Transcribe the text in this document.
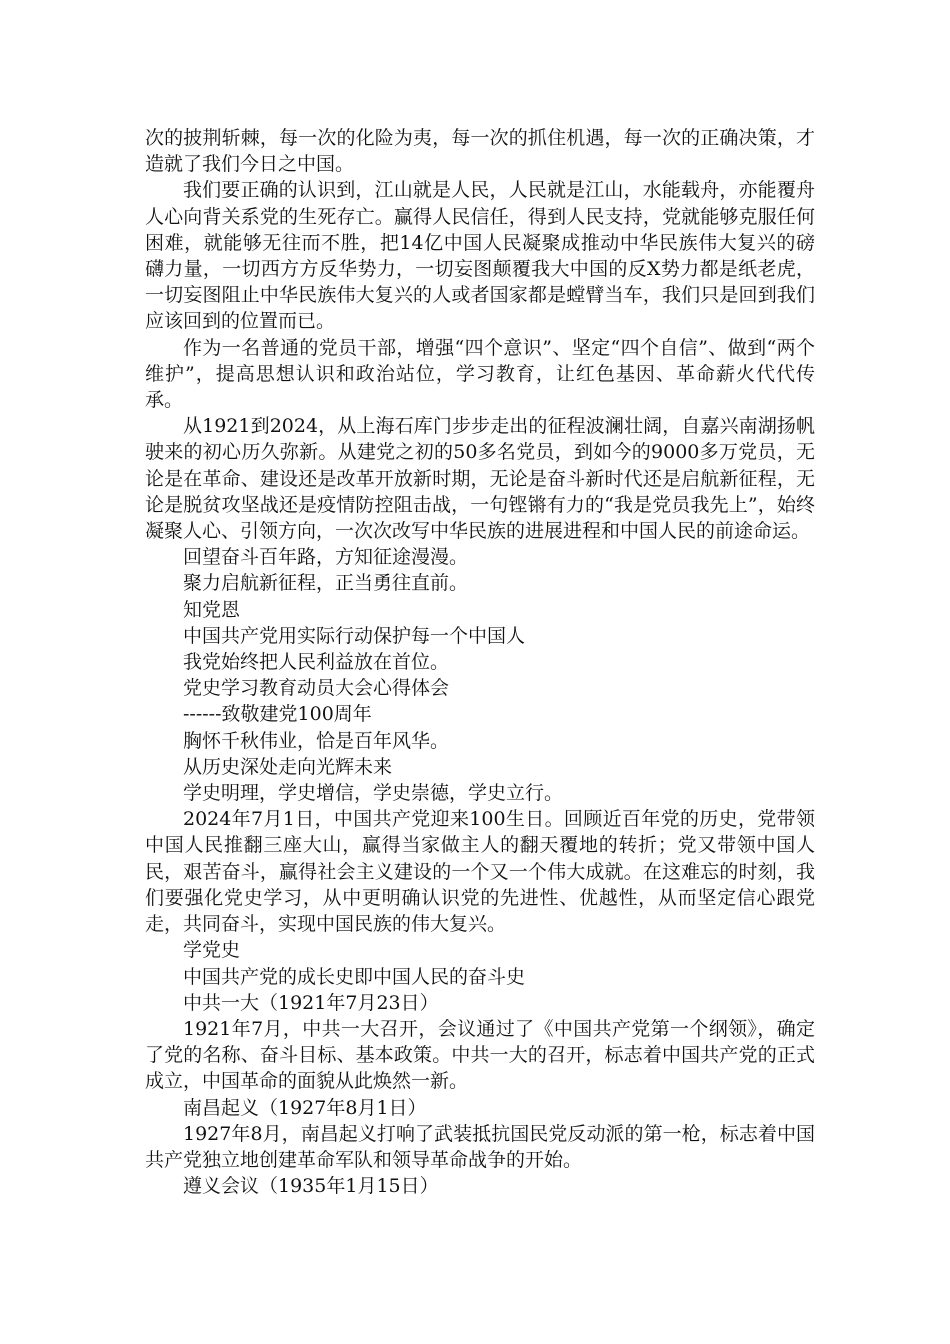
次的披荆斩棘，每一次的化险为夷，每一次的抓住机遇，每一次的正确决策，才造就了我们今日之中国。

我们要正确的认识到，江山就是人民，人民就是江山，水能载舟，亦能覆舟人心向背关系党的生死存亡。赢得人民信任，得到人民支持，党就能够克服任何困难，就能够无往而不胜，把14亿中国人民凝聚成推动中华民族伟大复兴的磅礴力量，一切西方方反华势力，一切妄图颠覆我大中国的反X势力都是纸老虎，一切妄图阻止中华民族伟大复兴的人或者国家都是螳臂当车，我们只是回到我们应该回到的位置而已。

作为一名普通的党员干部，增强“四个意识”、坚定“四个自信”、做到“两个维护”，提高思想认识和政治站位，学习教育，让红色基因、革命薪火代代传承。

从1921到2024，从上海石库门步步走出的征程波澜壮阔，自嘉兴南湖扬帆驶来的初心历久弥新。从建党之初的50多名党员，到如今的9000多万党员，无论是在革命、建设还是改革开放新时期，无论是奋斗新时代还是启航新征程，无论是脱贫攻坚战还是疫情防控阻击战，一句铿锵有力的“我是党员我先上”，始终凝聚人心、引领方向，一次次改写中华民族的进展进程和中国人民的前途命运。

回望奋斗百年路，方知征途漫漫。

聚力启航新征程，正当勇往直前。

知党恩

中国共产党用实际行动保护每一个中国人

我党始终把人民利益放在首位。

党史学习教育动员大会心得体会

------致敬建党100周年

胸怀千秋伟业，恰是百年风华。

从历史深处走向光辉未来

学史明理，学史增信，学史崇德，学史立行。

2024年7月1日，中国共产党迎来100生日。回顾近百年党的历史，党带领中国人民推翻三座大山，赢得当家做主人的翻天覆地的转折；党又带领中国人民，艰苦奋斗，赢得社会主义建设的一个又一个伟大成就。在这难忘的时刻，我们要强化党史学习，从中更明确认识党的先进性、优越性，从而坚定信心跟党走，共同奋斗，实现中国民族的伟大复兴。

学党史

中国共产党的成长史即中国人民的奋斗史

中共一大（1921年7月23日）

1921年7月，中共一大召开，会议通过了《中国共产党第一个纲领》，确定了党的名称、奋斗目标、基本政策。中共一大的召开，标志着中国共产党的正式成立，中国革命的面貌从此焕然一新。

南昌起义（1927年8月1日）

1927年8月，南昌起义打响了武装抵抗国民党反动派的第一枪，标志着中国共产党独立地创建革命军队和领导革命战争的开始。

遵义会议（1935年1月15日）
